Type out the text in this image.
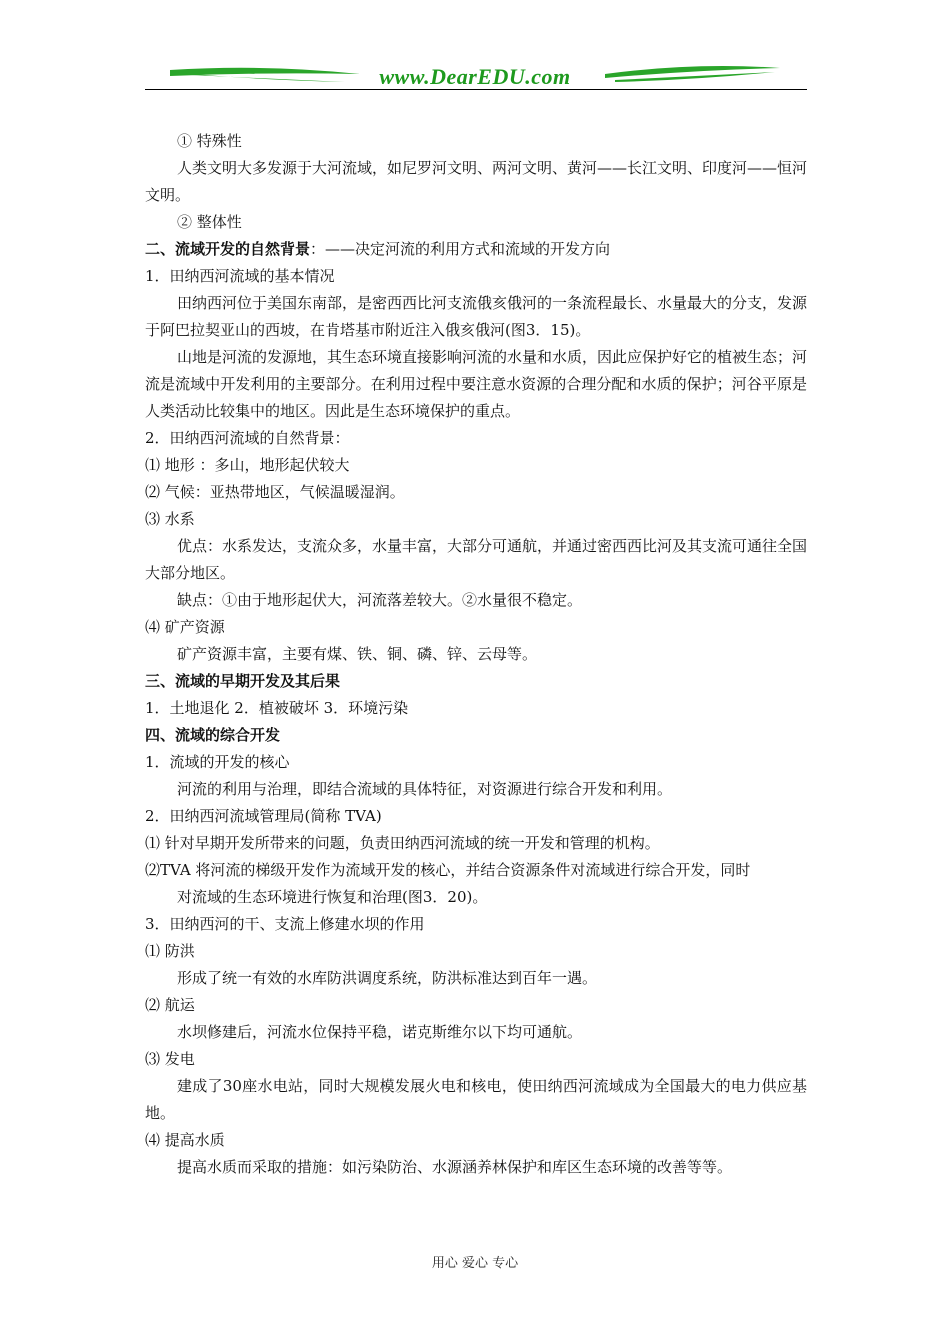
www.DearEDU.com

① 特殊性

人类文明大多发源于大河流域，如尼罗河文明、两河文明、黄河——长江文明、印度河——恒河文明。

② 整体性

二、流域开发的自然背景：——决定河流的利用方式和流域的开发方向

1．田纳西河流域的基本情况

田纳西河位于美国东南部，是密西西比河支流俄亥俄河的一条流程最长、水量最大的分支，发源于阿巴拉契亚山的西坡，在肯塔基市附近注入俄亥俄河(图3．15)。

山地是河流的发源地，其生态环境直接影响河流的水量和水质，因此应保护好它的植被生态；河流是流域中开发利用的主要部分。在利用过程中要注意水资源的合理分配和水质的保护；河谷平原是人类活动比较集中的地区。因此是生态环境保护的重点。

2．田纳西河流域的自然背景：

⑴ 地形 ：多山，地形起伏较大

⑵ 气候：亚热带地区，气候温暖湿润。

⑶ 水系

优点：水系发达，支流众多，水量丰富，大部分可通航，并通过密西西比河及其支流可通往全国大部分地区。

缺点：①由于地形起伏大，河流落差较大。②水量很不稳定。

⑷ 矿产资源

矿产资源丰富，主要有煤、铁、铜、磷、锌、云母等。

三、流域的早期开发及其后果

1．土地退化 2．植被破坏 3．环境污染

四、流域的综合开发

1．流域的开发的核心

河流的利用与治理，即结合流域的具体特征，对资源进行综合开发和利用。

2．田纳西河流域管理局(简称 TVA)

⑴ 针对早期开发所带来的问题，负责田纳西河流域的统一开发和管理的机构。

⑵TVA 将河流的梯级开发作为流域开发的核心，并结合资源条件对流域进行综合开发，同时

对流域的生态环境进行恢复和治理(图3．20)。

3．田纳西河的干、支流上修建水坝的作用

⑴ 防洪

形成了统一有效的水库防洪调度系统，防洪标准达到百年一遇。

⑵ 航运

水坝修建后，河流水位保持平稳，诺克斯维尔以下均可通航。

⑶ 发电

建成了30座水电站，同时大规模发展火电和核电，使田纳西河流域成为全国最大的电力供应基地。

⑷ 提高水质

提高水质而采取的措施：如污染防治、水源涵养林保护和库区生态环境的改善等等。

用心 爱心 专心
